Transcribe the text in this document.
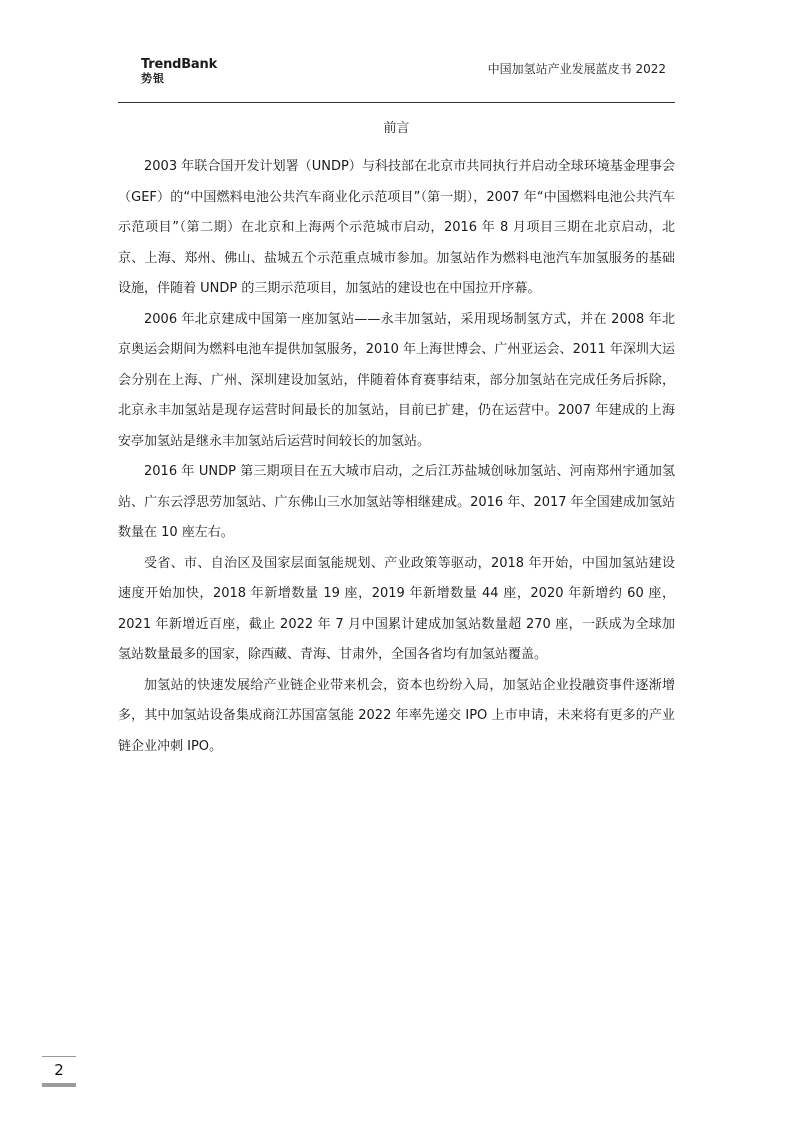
TrendBank
势银
中国加氢站产业发展蓝皮书 2022
前言

2003 年联合国开发计划署（UNDP）与科技部在北京市共同执行并启动全球环境基金理事会（GEF）的“中国燃料电池公共汽车商业化示范项目”（第一期），2007 年“中国燃料电池公共汽车示范项目”（第二期）在北京和上海两个示范城市启动，2016 年 8 月项目三期在北京启动，北京、上海、郑州、佛山、盐城五个示范重点城市参加。加氢站作为燃料电池汽车加氢服务的基础设施，伴随着 UNDP 的三期示范项目，加氢站的建设也在中国拉开序幕。

2006 年北京建成中国第一座加氢站——永丰加氢站，采用现场制氢方式，并在 2008 年北京奥运会期间为燃料电池车提供加氢服务，2010 年上海世博会、广州亚运会、2011 年深圳大运会分别在上海、广州、深圳建设加氢站，伴随着体育赛事结束，部分加氢站在完成任务后拆除，北京永丰加氢站是现存运营时间最长的加氢站，目前已扩建，仍在运营中。2007 年建成的上海安亭加氢站是继永丰加氢站后运营时间较长的加氢站。

2016 年 UNDP 第三期项目在五大城市启动，之后江苏盐城创咏加氢站、河南郑州宇通加氢站、广东云浮思劳加氢站、广东佛山三水加氢站等相继建成。2016 年、2017 年全国建成加氢站数量在 10 座左右。

受省、市、自治区及国家层面氢能规划、产业政策等驱动，2018 年开始，中国加氢站建设速度开始加快，2018 年新增数量 19 座，2019 年新增数量 44 座，2020 年新增约 60 座，2021 年新增近百座，截止 2022 年 7 月中国累计建成加氢站数量超 270 座，一跃成为全球加氢站数量最多的国家，除西藏、青海、甘肃外，全国各省均有加氢站覆盖。

加氢站的快速发展给产业链企业带来机会，资本也纷纷入局，加氢站企业投融资事件逐渐增多，其中加氢站设备集成商江苏国富氢能 2022 年率先递交 IPO 上市申请，未来将有更多的产业链企业冲刺 IPO。

2
